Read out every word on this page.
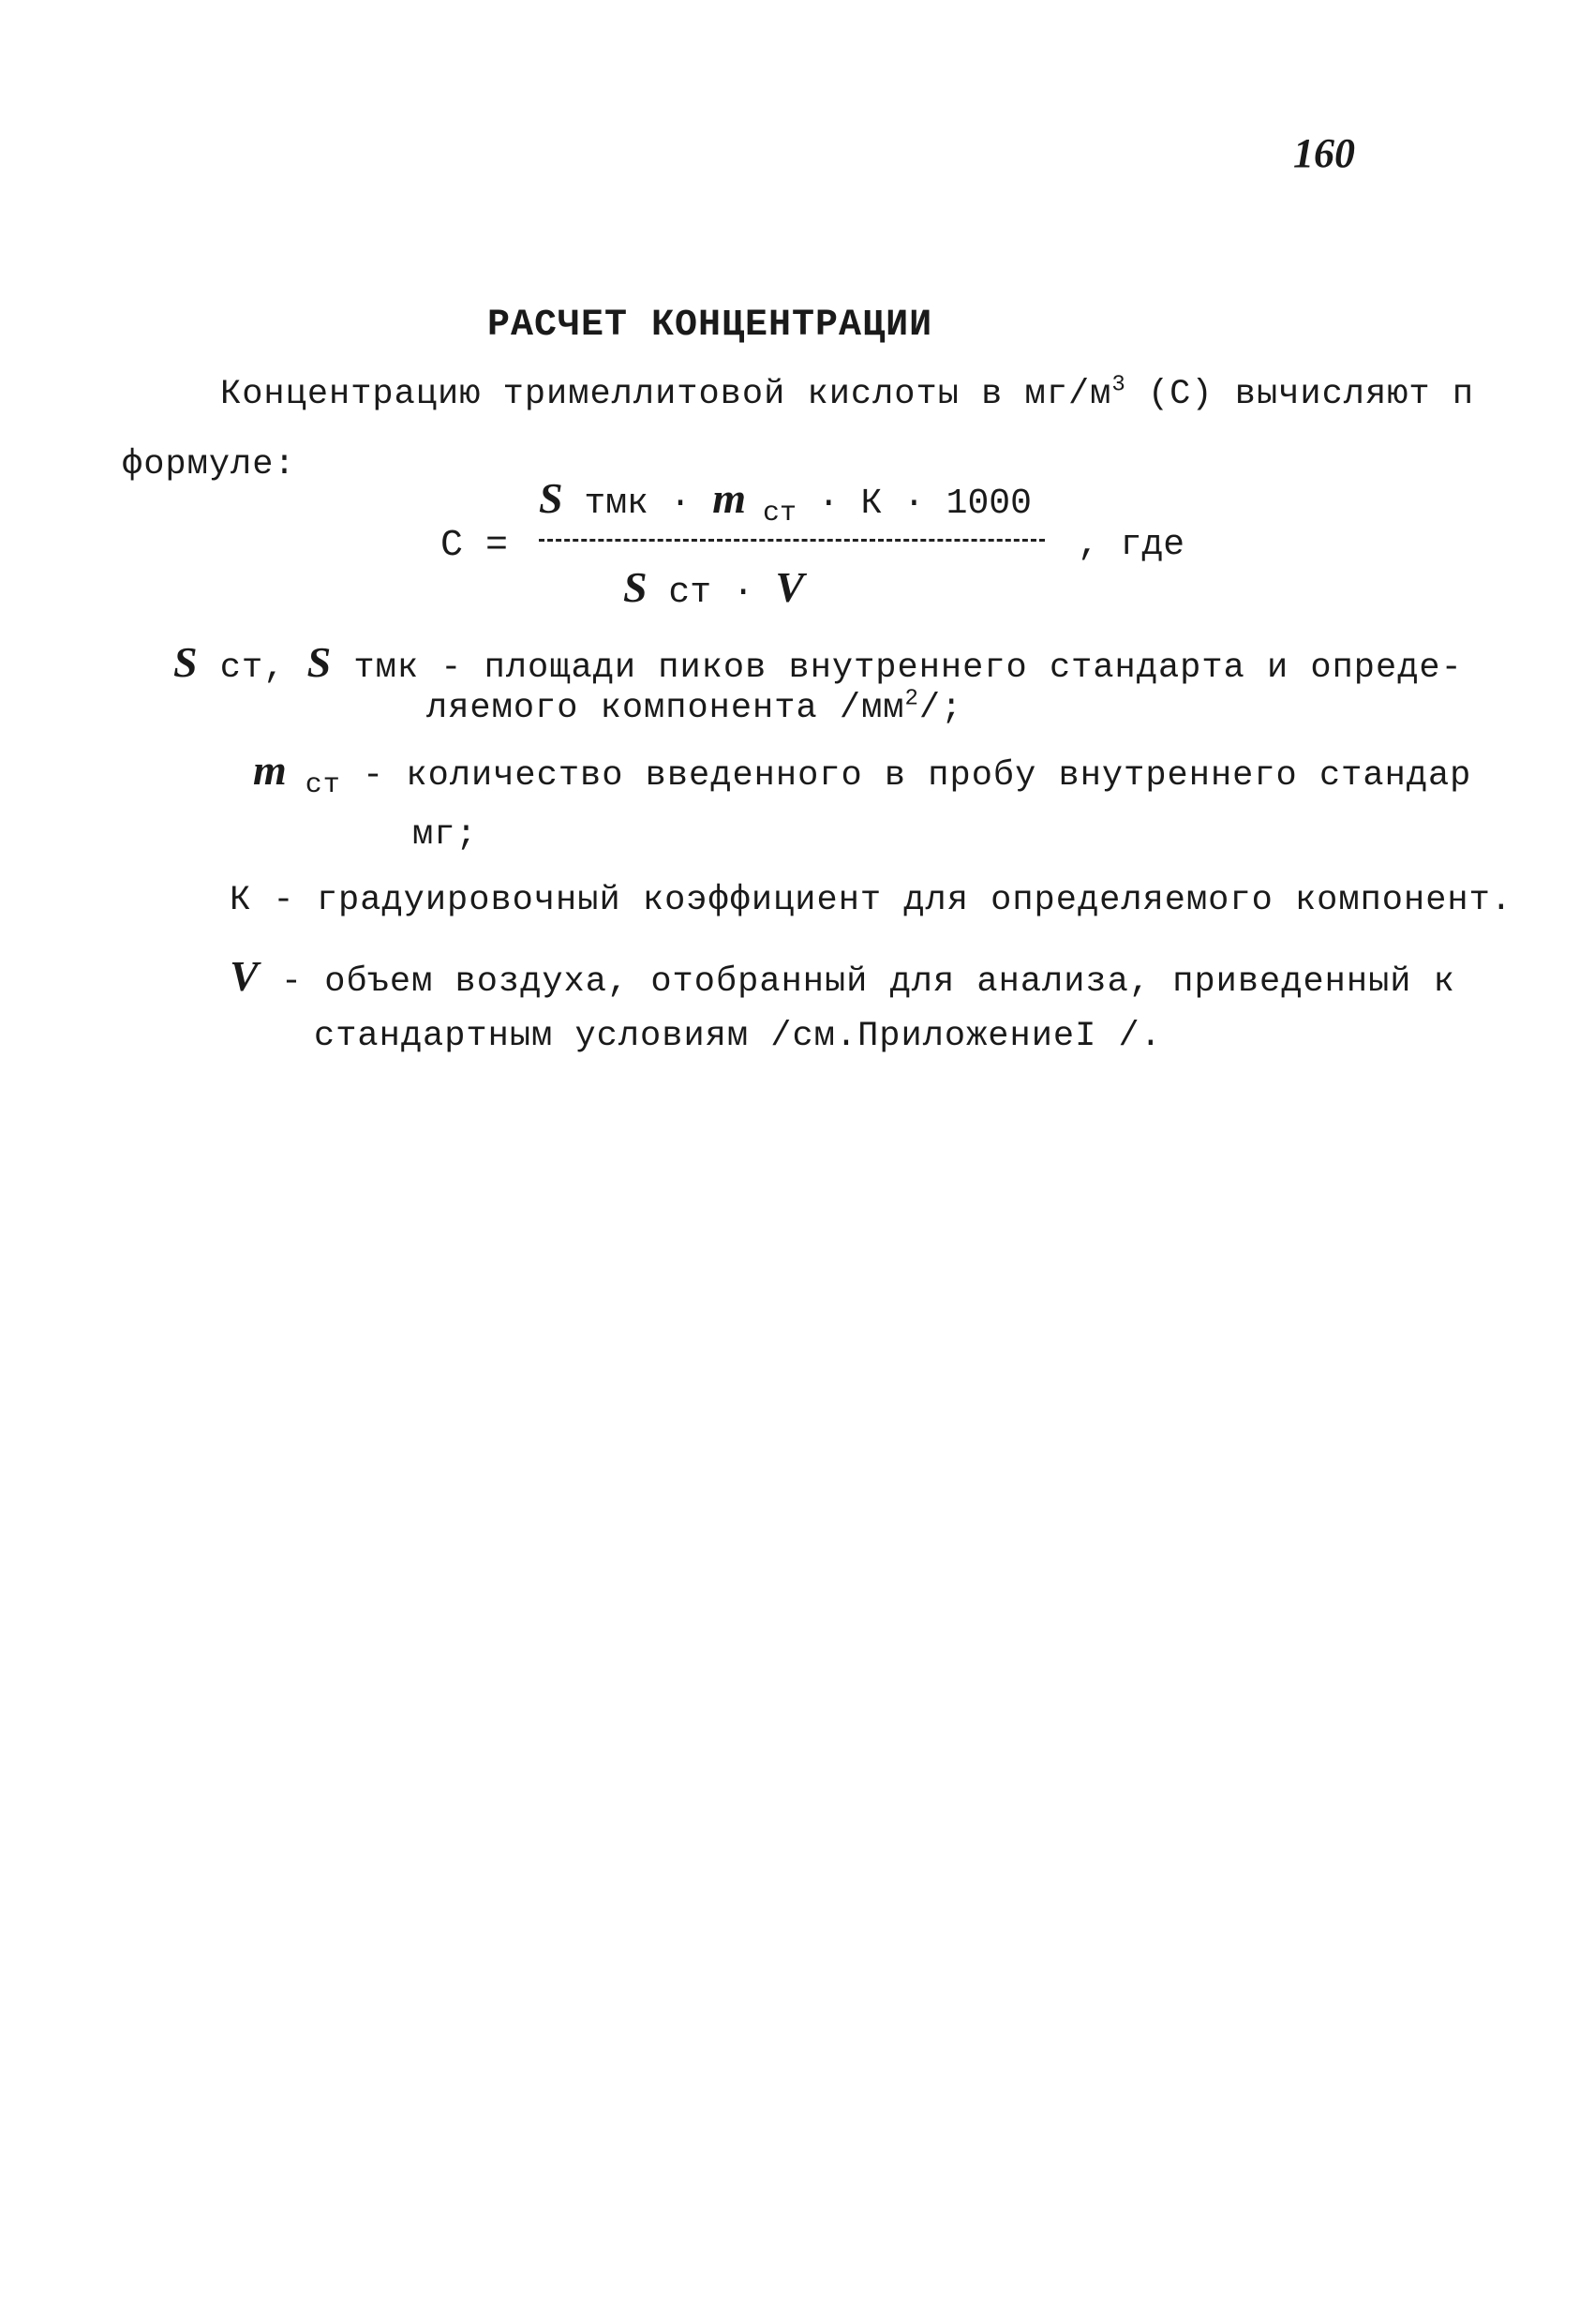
160
РАСЧЕТ КОНЦЕНТРАЦИИ
Концентрацию тримеллитовой кислоты в $мг/м^3$ (С) вычисляют п
формуле:
С =
S тмк · m $_{ст}$ · К · 1000
S ст · V
, где
S ст, S тмк - площади пиков внутреннего стандарта и опреде-
ляемого компонента $/мм^2/$;
m $_{ст}$ - количество введенного в пробу внутреннего стандар
мг;
К - градуировочный коэффициент для определяемого компонент.
V - объем воздуха, отобранный для анализа, приведенный к
стандартным условиям /см.ПриложениеI /.
